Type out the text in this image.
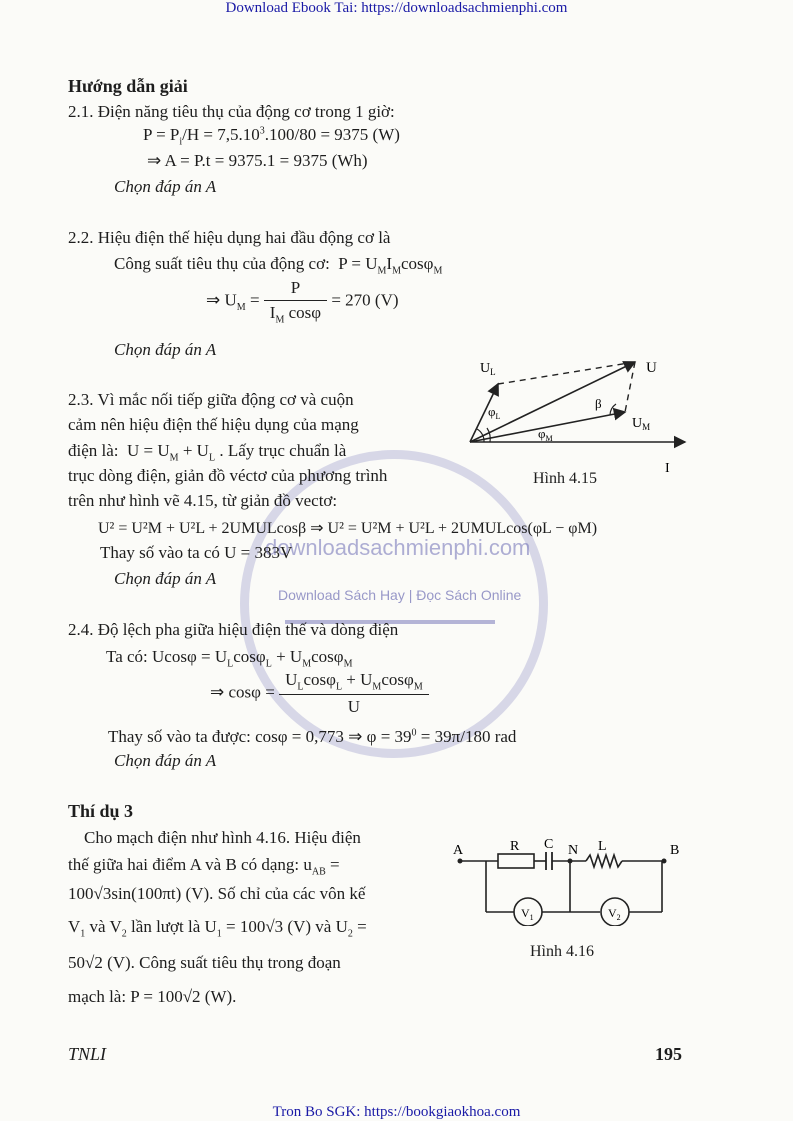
Download Ebook Tai: https://downloadsachmienphi.com
Tron Bo SGK: https://bookgiaokhoa.com
downloadsachmienphi.com
Download Sách Hay | Đọc Sách Online
Hướng dẫn giải
2.1. Điện năng tiêu thụ của động cơ trong 1 giờ:
$P = P_i/H = 7,5.10^3.100/80 = 9375$ (W)
⇒ A = P.t = 9375.1 = 9375 (Wh)
Chọn đáp án A
2.2. Hiệu điện thế hiệu dụng hai đầu động cơ là
Công suất tiêu thụ của động cơ: $P = U_MI_M\cos\varphi_M$
⇒ $U_M = \frac{P}{I_M \cos\varphi} = 270$ (V)
Chọn đáp án A
2.3. Vì mắc nối tiếp giữa động cơ và cuộn
cảm nên hiệu điện thế hiệu dụng của mạng
điện là: $U = U_M + U_L$ . Lấy trục chuẩn là
trục dòng điện, giản đồ véctơ của phương trình
trên như hình vẽ 4.15, từ giản đồ vectơ:
U² = U²M + U²L + 2UMULcosβ ⇒ U² = U²M + U²L + 2UMULcos(φL − φM)
Thay số vào ta có U = 383V
Chọn đáp án A
$U_L$	U
$U_M$
I
$\varphi_L$
$\varphi_M$
β
Hình 4.15
2.4. Độ lệch pha giữa hiệu điện thế và dòng điện
Ta có: $Ucos\varphi = U_L\cos\varphi_L + U_M\cos\varphi_M$
⇒ $\cos\varphi = \frac{U_L\cos\varphi_L + U_M\cos\varphi_M}{U}$
Thay số vào ta được: cosφ = 0,773 ⇒ $\varphi = 39^0 = 39\pi/180$ rad
Chọn đáp án A
Thí dụ 3
Cho mạch điện như hình 4.16. Hiệu điện
thế giữa hai điểm A và B có dạng: $u_{AB}$ =
100√3sin(100πt) (V). Số chỉ của các vôn kế
$V_1$ và $V_2$ lần lượt là $U_1 = 100√3$ (V) và $U_2$ =
50√2 (V). Công suất tiêu thụ trong đoạn
mạch là: P = 100√2 (W).
A	R C N L	B
$V_1$	$V_2$
Hình 4.16
TNLI	195
